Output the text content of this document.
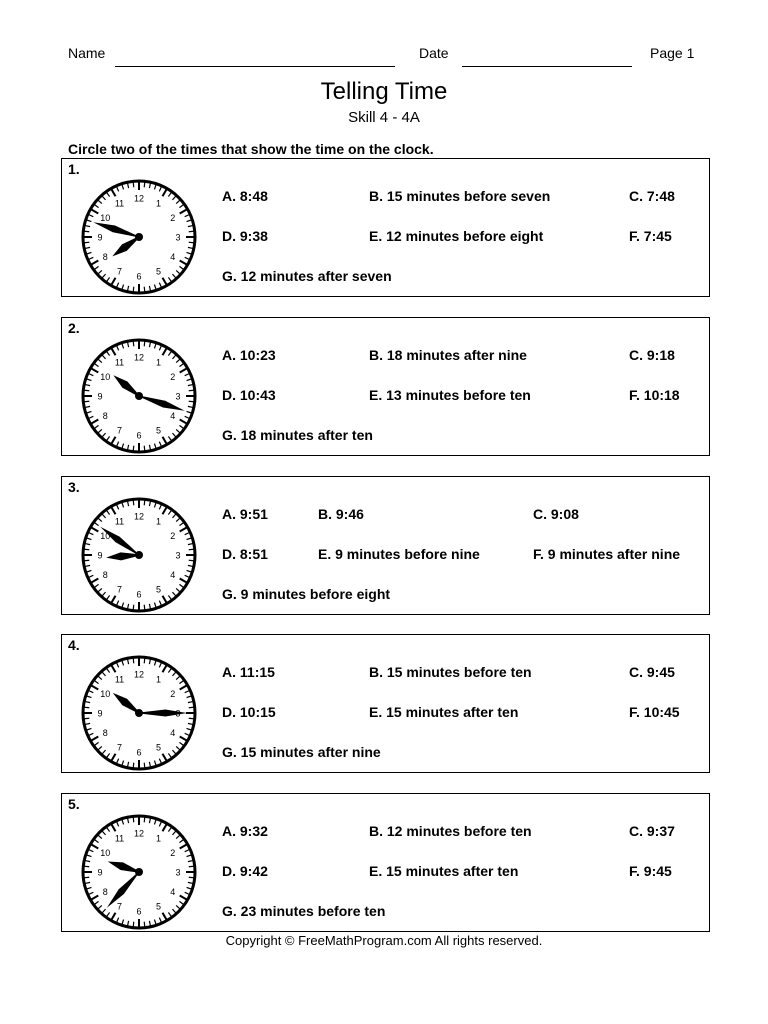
Name	Date	Page 1
Telling Time
Skill 4 - 4A
Circle two of the times that show the time on the clock.
1.
12
1
2
3
4
5
6
7
8
9
10
11	A. 8:48	B. 15 minutes before seven	C. 7:48
D. 9:38	E. 12 minutes before eight	F. 7:45
G. 12 minutes after seven
2.
12
1
2
3
4
5
6
7
8
9
10
11	A. 10:23	B. 18 minutes after nine	C. 9:18
D. 10:43	E. 13 minutes before ten	F. 10:18
G. 18 minutes after ten
3.
12
1
2
3
4
5
6
7
8
9
10
11	A. 9:51	B. 9:46	C. 9:08
D. 8:51	E. 9 minutes before nine	F. 9 minutes after nine
G. 9 minutes before eight
4.
12
1
2
4
5
6
7
8
9
10
11	A. 11:15	B. 15 minutes before ten	C. 9:45
D. 10:15	E. 15 minutes after ten	F. 10:45
G. 15 minutes after nine
5.
12
1
2
3
4
5
6
7
8
9
10
11	A. 9:32	B. 12 minutes before ten	C. 9:37
D. 9:42	E. 15 minutes after ten	F. 9:45
G. 23 minutes before ten
Copyright © FreeMathProgram.com All rights reserved.
